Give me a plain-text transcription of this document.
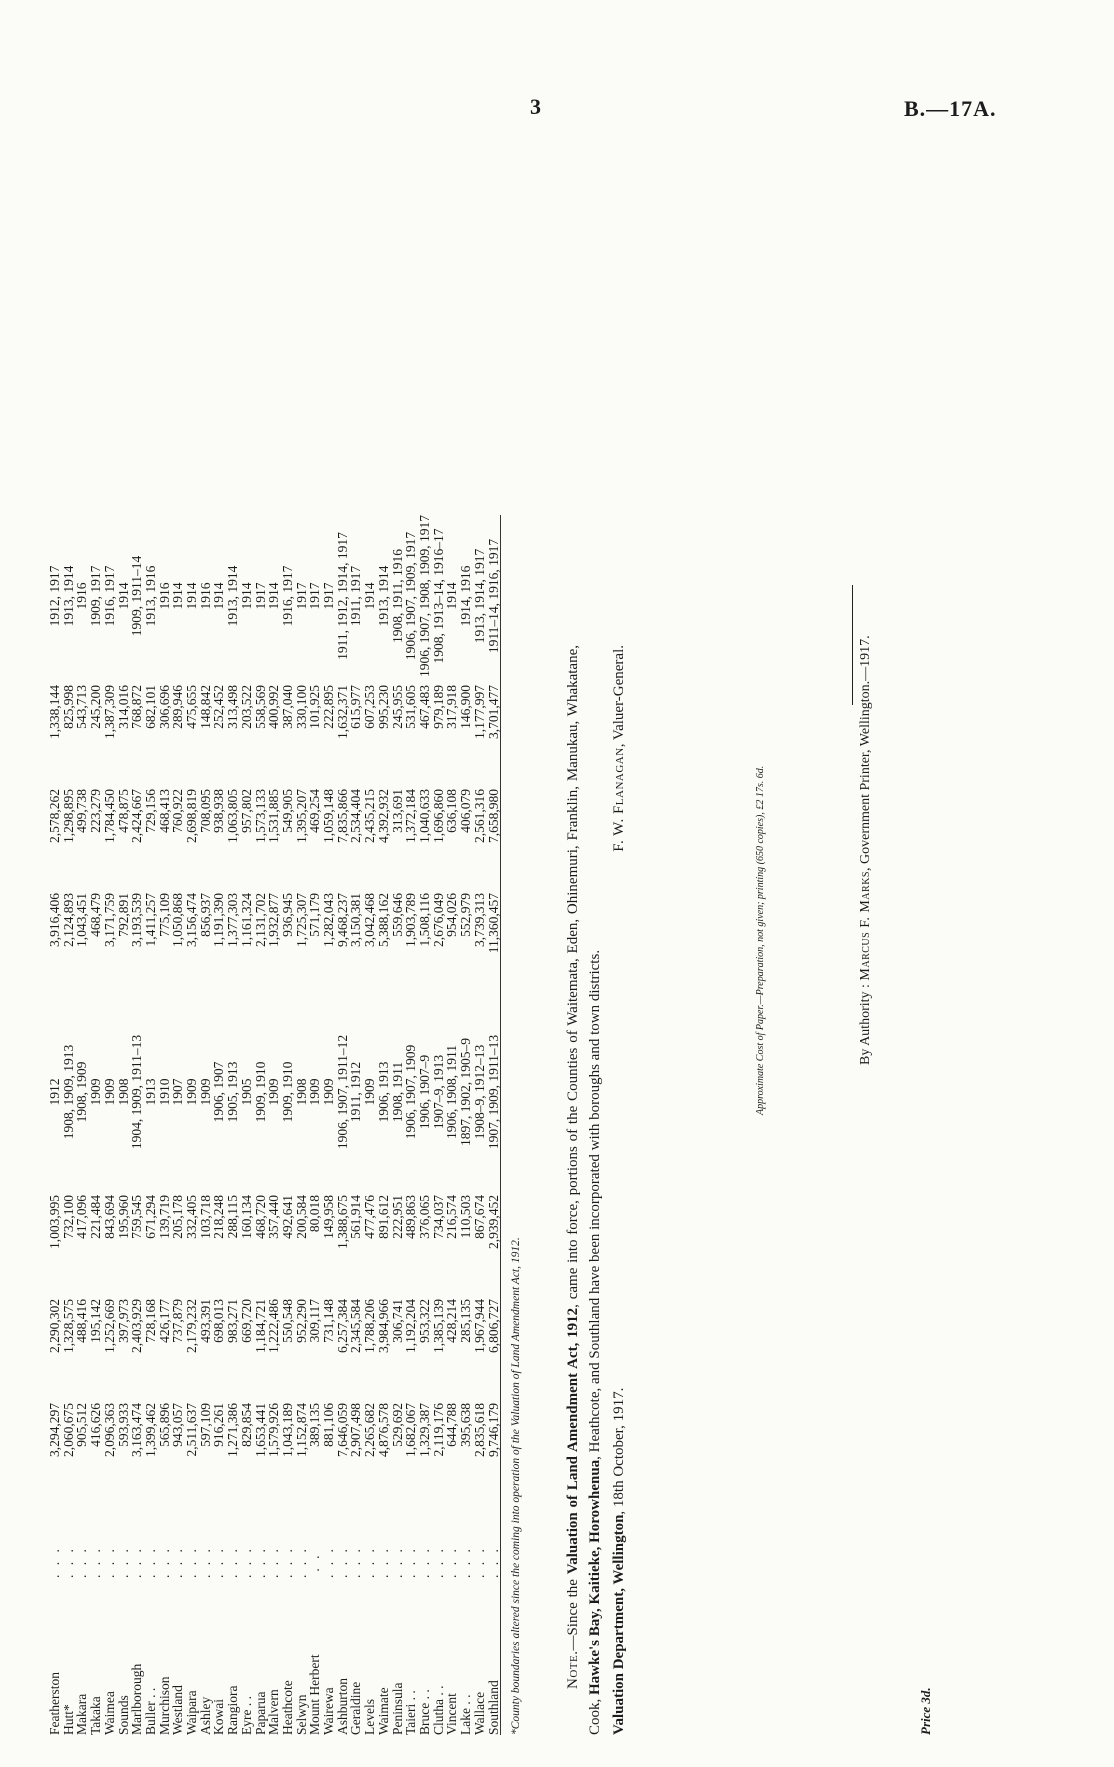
3	B.—17A.
Featherston	. . .	3,294,297	2,290,302	1,003,995	1912	3,916,406	2,578,262	1,338,144	1912, 1917
Hutt*	. . .	2,060,675	1,328,575	732,100	1908, 1909, 1913	2,124,893	1,298,895	825,998	1913, 1914
Makara	. . .	905,512	488,416	417,096	1908, 1909	1,043,451	499,738	543,713	1916
Takaka	. . .	416,626	195,142	221,484	1909	468,479	223,279	245,200	1909, 1917
Waimea	. . .	2,096,363	1,252,669	843,694	1909	3,171,759	1,784,450	1,387,309	1916, 1917
Sounds	. . .	593,933	397,973	195,960	1908	792,891	478,875	314,016	1914
Marlborough	. . .	3,163,474	2,403,929	759,545	1904, 1909, 1911–13	3,193,539	2,424,667	768,872	1909, 1911–14
Buller . .	. . .	1,399,462	728,168	671,294	1913	1,411,257	729,156	682,101	1913, 1916
Murchison	. . .	565,896	426,177	139,719	1910	775,109	468,413	306,696	1916
Westland	. . .	943,057	737,879	205,178	1907	1,050,868	760,922	289,946	1914
Waipara	. . .	2,511,637	2,179,232	332,405	1909	3,156,474	2,698,819	475,655	1914
Ashley	. . .	597,109	493,391	103,718	1909	856,937	708,095	148,842	1916
Kowai	. . .	916,261	698,013	218,248	1906, 1907	1,191,390	938,938	252,452	1914
Rangiora	. . .	1,271,386	983,271	288,115	1905, 1913	1,377,303	1,063,805	313,498	1913, 1914
Eyre . .	. . .	829,854	669,720	160,134	1905	1,161,324	957,802	203,522	1914
Paparua	. . .	1,653,441	1,184,721	468,720	1909, 1910	2,131,702	1,573,133	558,569	1917
Malvern	. . .	1,579,926	1,222,486	357,440	1909	1,932,877	1,531,885	400,992	1914
Heathcote	. . .	1,043,189	550,548	492,641	1909, 1910	936,945	549,905	387,040	1916, 1917
Selwyn	. . .	1,152,874	952,290	200,584	1908	1,725,307	1,395,207	330,100	1917
Mount Herbert	. .	389,135	309,117	80,018	1909	571,179	469,254	101,925	1917
Wairewa	. . .	881,106	731,148	149,958	1909	1,282,043	1,059,148	222,895	1917
Ashburton	. . .	7,646,059	6,257,384	1,388,675	1906, 1907, 1911–12	9,468,237	7,835,866	1,632,371	1911, 1912, 1914, 1917
Geraldine	. . .	2,907,498	2,345,584	561,914	1911, 1912	3,150,381	2,534,404	615,977	1911, 1917
Levels	. . .	2,265,682	1,788,206	477,476	1909	3,042,468	2,435,215	607,253	1914
Waimate	. . .	4,876,578	3,984,966	891,612	1906, 1913	5,388,162	4,392,932	995,230	1913, 1914
Peninsula	. . .	529,692	306,741	222,951	1908, 1911	559,646	313,691	245,955	1908, 1911, 1916
Taieri . .	. . .	1,682,067	1,192,204	489,863	1906, 1907, 1909	1,903,789	1,372,184	531,605	1906, 1907, 1909, 1917
Bruce . .	. . .	1,329,387	953,322	376,065	1906, 1907–9	1,508,116	1,040,633	467,483	1906, 1907, 1908, 1909, 1917
Clutha . .	. . .	2,119,176	1,385,139	734,037	1907–9, 1913	2,676,049	1,696,860	979,189	1908, 1913–14, 1916–17
Vincent	. . .	644,788	428,214	216,574	1906, 1908, 1911	954,026	636,108	317,918	1914
Lake . .	. . .	395,638	285,135	110,503	1897, 1902, 1905–9	552,979	406,079	146,900	1914, 1916
Wallace	. . .	2,835,618	1,967,944	867,674	1908–9, 1912–13	3,739,313	2,561,316	1,177,997	1913, 1914, 1917
Southland	. . .	9,746,179	6,806,727	2,939,452	1907, 1909, 1911–13	11,360,457	7,658,980	3,701,477	1911–14, 1916, 1917
*County boundaries altered since the coming into operation of the Valuation of Land Amendment Act, 1912.	Note.—Since the Valuation of Land Amendment Act, 1912, came into force, portions of the Counties of Waitemata, Eden, Ohinemuri, Franklin, Manukau, Whakatane, Cook, Hawke's Bay, Kaitieke, Horowhenua, Heathcote, and Southland have been incorporated with boroughs and town districts.

Valuation Department, Wellington, 18th October, 1917.
F. W. Flanagan, Valuer-General.
Approximate Cost of Paper.—Preparation, not given; printing (650 copies), £2 17s. 6d.	By Authority : Marcus F. Marks, Government Printer, Wellington.—1917.
Price 3d.
